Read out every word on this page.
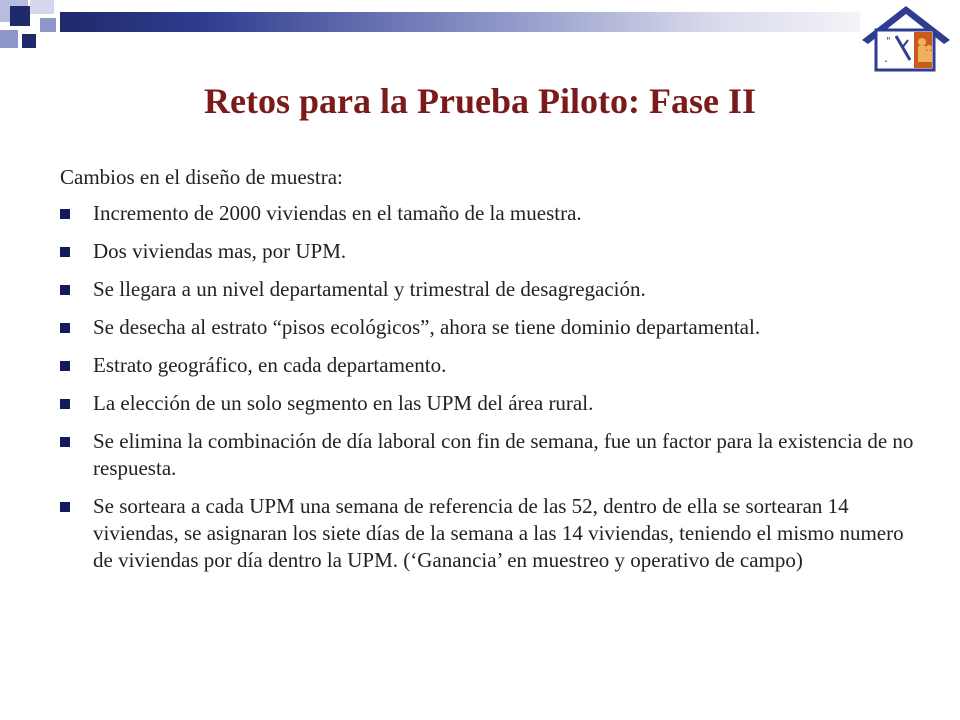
"
.
Retos para la Prueba Piloto: Fase II
Cambios en el diseño de muestra:
Incremento de 2000 viviendas en el tamaño de la muestra.
Dos viviendas mas, por UPM.
Se llegara a un nivel departamental y trimestral de desagregación.
Se desecha al estrato “pisos ecológicos”, ahora se tiene dominio departamental.
Estrato geográfico, en cada departamento.
La elección de un solo segmento en las UPM del área rural.
Se elimina la combinación de día laboral con fin de semana, fue un factor para la existencia de no respuesta.
Se sorteara a cada UPM una semana de referencia de las 52, dentro de ella se sortearan 14 viviendas, se asignaran los siete días de la semana a las 14 viviendas, teniendo el mismo numero de viviendas por día dentro la UPM. (‘Ganancia’ en muestreo y operativo de campo)
